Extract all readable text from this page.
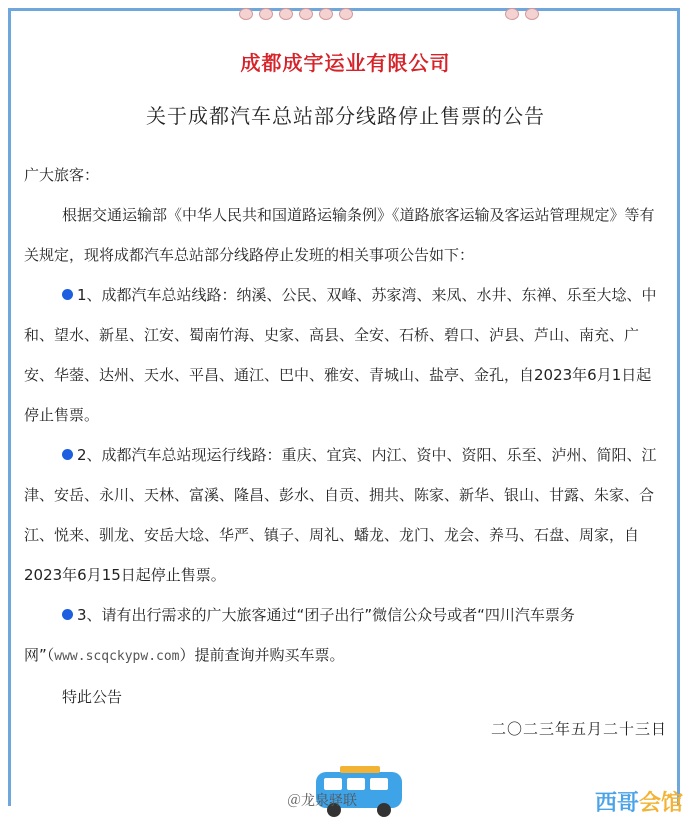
成都成宇运业有限公司
关于成都汽车总站部分线路停止售票的公告

广大旅客：

根据交通运输部《中华人民共和国道路运输条例》《道路旅客运输及客运站管理规定》等有关规定，现将成都汽车总站部分线路停止发班的相关事项公告如下：

1、成都汽车总站线路：纳溪、公民、双峰、苏家湾、来凤、水井、东禅、乐至大埝、中和、望水、新星、江安、蜀南竹海、史家、高县、全安、石桥、碧口、泸县、芦山、南充、广安、华蓥、达州、天水、平昌、通江、巴中、雅安、青城山、盐亭、金孔，自2023年6月1日起停止售票。

2、成都汽车总站现运行线路：重庆、宜宾、内江、资中、资阳、乐至、泸州、简阳、江津、安岳、永川、天林、富溪、隆昌、彭水、自贡、拥共、陈家、新华、银山、甘露、朱家、合江、悦来、驯龙、安岳大埝、华严、镇子、周礼、蟠龙、龙门、龙会、养马、石盘、周家，自2023年6月15日起停止售票。

3、请有出行需求的广大旅客通过“团子出行”微信公众号或者“四川汽车票务网”（www.scqckypw.com）提前查询并购买车票。

特此公告

二〇二三年五月二十三日
＠龙泉驿联	西哥会馆
